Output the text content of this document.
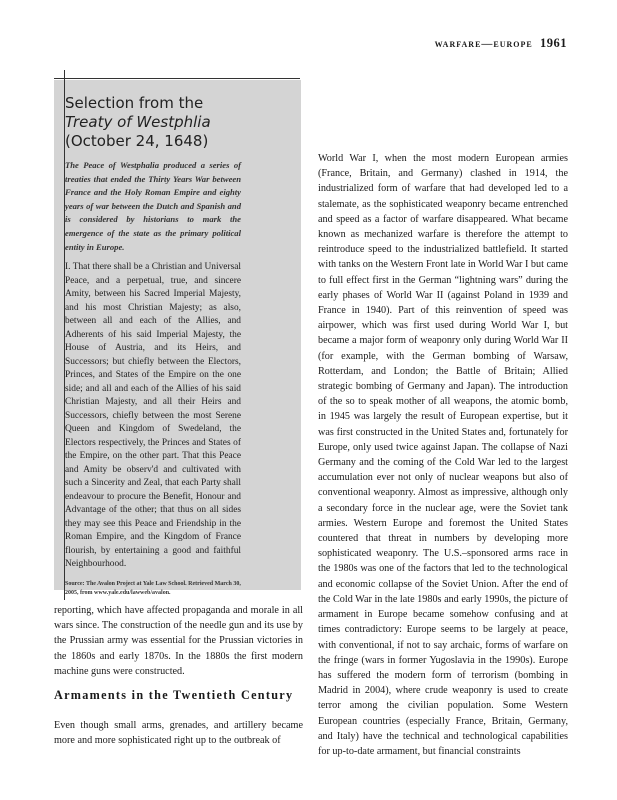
warfare—europe 1961
Selection from the
Treaty of Westphlia (October 24, 1648)

The Peace of Westphalia produced a series of treaties that ended the Thirty Years War between France and the Holy Roman Empire and eighty years of war between the Dutch and Spanish and is considered by historians to mark the emergence of the state as the primary political entity in Europe.

I. That there shall be a Christian and Universal Peace, and a perpetual, true, and sincere Amity, between his Sacred Imperial Majesty, and his most Christian Majesty; as also, between all and each of the Allies, and Adherents of his said Imperial Majesty, the House of Austria, and its Heirs, and Successors; but chiefly between the Electors, Princes, and States of the Empire on the one side; and all and each of the Allies of his said Christian Majesty, and all their Heirs and Successors, chiefly between the most Serene Queen and Kingdom of Swedeland, the Electors respectively, the Princes and States of the Empire, on the other part. That this Peace and Amity be observ'd and cultivated with such a Sincerity and Zeal, that each Party shall endeavour to procure the Benefit, Honour and Advantage of the other; that thus on all sides they may see this Peace and Friendship in the Roman Empire, and the Kingdom of France flourish, by entertaining a good and faithful Neighbourhood.

Source: The Avalon Project at Yale Law School. Retrieved March 30, 2005, from www.yale.edu/lawweb/avalon.

reporting, which have affected propaganda and morale in all wars since. The construction of the needle gun and its use by the Prussian army was essential for the Prussian victories in the 1860s and early 1870s. In the 1880s the first modern machine guns were constructed.

Armaments in the Twentieth Century

Even though small arms, grenades, and artillery became more and more sophisticated right up to the outbreak of

World War I, when the most modern European armies (France, Britain, and Germany) clashed in 1914, the industrialized form of warfare that had developed led to a stalemate, as the sophisticated weaponry became entrenched and speed as a factor of warfare disappeared. What became known as mechanized warfare is therefore the attempt to reintroduce speed to the industrialized battlefield. It started with tanks on the Western Front late in World War I but came to full effect first in the German “lightning wars” during the early phases of World War II (against Poland in 1939 and France in 1940). Part of this reinvention of speed was airpower, which was first used during World War I, but became a major form of weaponry only during World War II (for example, with the German bombing of Warsaw, Rotterdam, and London; the Battle of Britain; Allied strategic bombing of Germany and Japan). The introduction of the so to speak mother of all weapons, the atomic bomb, in 1945 was largely the result of European expertise, but it was first constructed in the United States and, fortunately for Europe, only used twice against Japan. The collapse of Nazi Germany and the coming of the Cold War led to the largest accumulation ever not only of nuclear weapons but also of conventional weaponry. Almost as impressive, although only a secondary force in the nuclear age, were the Soviet tank armies. Western Europe and foremost the United States countered that threat in numbers by developing more sophisticated weaponry. The U.S.–sponsored arms race in the 1980s was one of the factors that led to the technological and economic collapse of the Soviet Union. After the end of the Cold War in the late 1980s and early 1990s, the picture of armament in Europe became somehow confusing and at times contradictory: Europe seems to be largely at peace, with conventional, if not to say archaic, forms of warfare on the fringe (wars in former Yugoslavia in the 1990s). Europe has suffered the modern form of terrorism (bombing in Madrid in 2004), where crude weaponry is used to create terror among the civilian population. Some Western European countries (especially France, Britain, Germany, and Italy) have the technical and technological capabilities for up-to-date armament, but financial constraints
